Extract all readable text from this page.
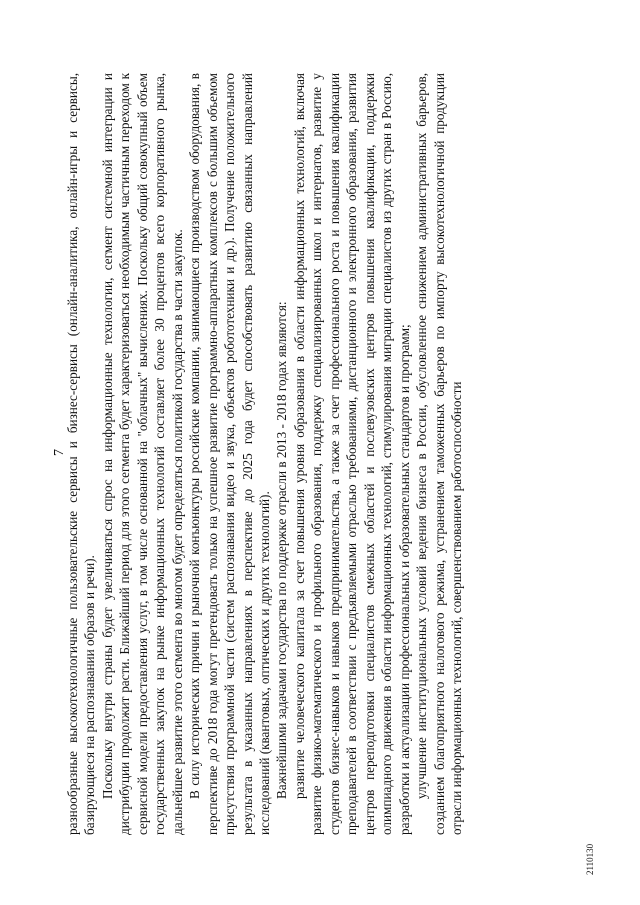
7

разнообразные высокотехнологичные пользовательские сервисы и бизнес-сервисы (онлайн-аналитика, онлайн-игры и сервисы, базирующиеся на распознавании образов и речи). Поскольку внутри страны будет увеличиваться спрос на информационные технологии, сегмент системной интеграции и дистрибуции продолжит расти. Ближайший период для этого сегмента будет характеризоваться необходимым частичным переходом к сервисной модели предоставления услуг, в том числе основанной на "облачных" вычислениях. Поскольку общий совокупный объем государственных закупок на рынке информационных технологий составляет более 30 процентов всего корпоративного рынка, дальнейшее развитие этого сегмента во многом будет определяться политикой государства в части закупок. В силу исторических причин и рыночной конъюнктуры российские компании, занимающиеся производством оборудования, в перспективе до 2018 года могут претендовать только на успешное развитие программно-аппаратных комплексов с большим объемом присутствия программной части (систем распознавания видео и звука, объектов робототехники и др.). Получение положительного результата в указанных направлениях в перспективе до 2025 года будет способствовать развитию связанных направлений исследований (квантовых, оптических и других технологий). Важнейшими задачами государства по поддержке отрасли в 2013 - 2018 годах являются: развитие человеческого капитала за счет повышения уровня образования в области информационных технологий, включая развитие физико-математического и профильного образования, поддержку специализированных школ и интернатов, развитие у студентов бизнес-навыков и навыков предпринимательства, а также за счет профессионального роста и повышения квалификации преподавателей в соответствии с предъявляемыми отраслью требованиями, дистанционного и электронного образования, развития центров переподготовки специалистов смежных областей и послевузовских центров повышения квалификации, поддержки олимпиадного движения в области информационных технологий, стимулирования миграции специалистов из других стран в Россию, разработки и актуализации профессиональных и образовательных стандартов и программ; улучшение институциональных условий ведения бизнеса в России, обусловленное снижением административных барьеров, созданием благоприятного налогового режима, устранением таможенных барьеров по импорту высокотехнологичной продукции отрасли информационных технологий, совершенствованием работоспособности

2110130
